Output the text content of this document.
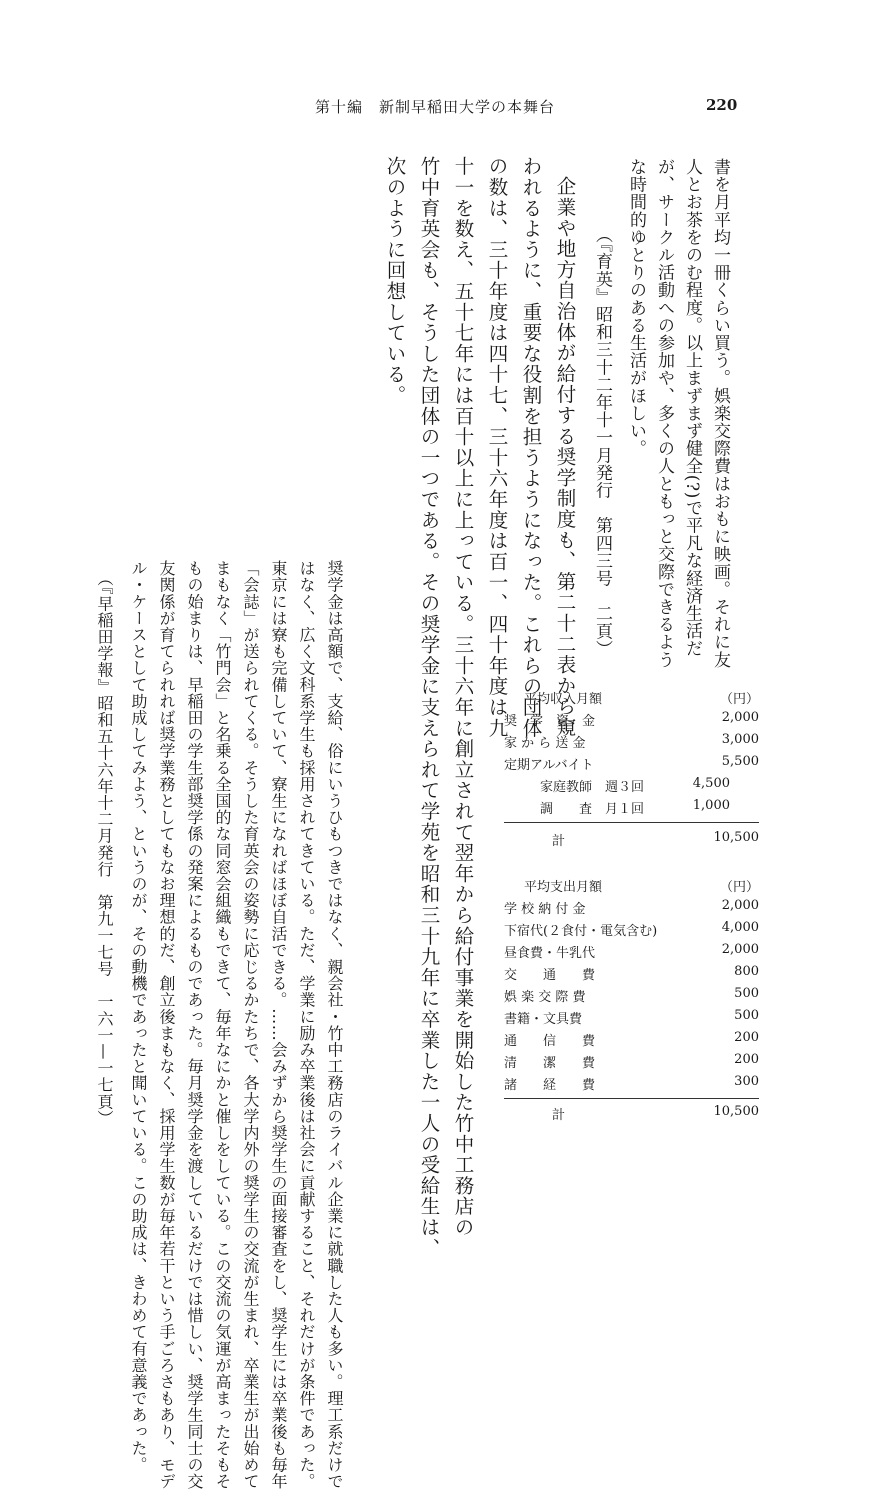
第十編　新制早稲田大学の本舞台	220
書を月平均一冊くらい買う。娯楽交際費はおもに映画。それに友
人とお茶をのむ程度。以上まずまず健全(?)で平凡な経済生活だ
が、サークル活動への参加や、多くの人ともっと交際できるよう
な時間的ゆとりのある生活がほしい。
（『育英』昭和三十二年十一月発行　第四三号　二頁）
企業や地方自治体が給付する奨学制度も、第二十二表から窺
われるように、重要な役割を担うようになった。これらの団体
の数は、三十年度は四十七、三十六年度は百一、四十年度は九
十一を数え、五十七年には百十以上に上っている。三十六年に創立されて翌年から給付事業を開始した竹中工務店の
竹中育英会も、そうした団体の一つである。その奨学金に支えられて学苑を昭和三十九年に卒業した一人の受給生は、
次のように回想している。
奨学金は高額で、支給、俗にいうひもつきではなく、親会社・竹中工務店のライバル企業に就職した人も多い。理工系だけで
はなく、広く文科系学生も採用されてきている。ただ、学業に励み卒業後は社会に貢献すること、それだけが条件であった。
東京には寮も完備していて、寮生になればほぼ自活できる。……会みずから奨学生の面接審査をし、奨学生には卒業後も毎年
「会誌」が送られてくる。そうした育英会の姿勢に応じるかたちで、各大学内外の奨学生の交流が生まれ、卒業生が出始めて
まもなく「竹門会」と名乗る全国的な同窓会組織もできて、毎年なにかと催しをしている。この交流の気運が高まったそもそ
もの始まりは、早稲田の学生部奨学係の発案によるものであった。毎月奨学金を渡しているだけでは惜しい、奨学生同士の交
友関係が育てられれば奨学業務としてもなお理想的だ、創立後まもなく、採用学生数が毎年若干という手ごろさもあり、モデ
ル・ケースとして助成してみよう、というのが、その動機であったと聞いている。この助成は、きわめて有意義であった。
（『早稲田学報』昭和五十六年十二月発行　第九一七号　一六一—一七頁）	平均収入月額	（円）
奨　学　資　金	2,000
家 か ら 送 金	3,000
定期アルバイト	5,500
家庭教師　週３回	4,500
調　　査　月１回	1,000
計	10,500
平均支出月額	（円）
学 校 納 付 金	2,000
下宿代(２食付・電気含む)	4,000
昼食費・牛乳代	2,000
交　　通　　費	800
娯 楽 交 際 費	500
書籍・文具費	500
通　　信　　費	200
清　　潔　　費	200
諸　　経　　費	300
計	10,500
